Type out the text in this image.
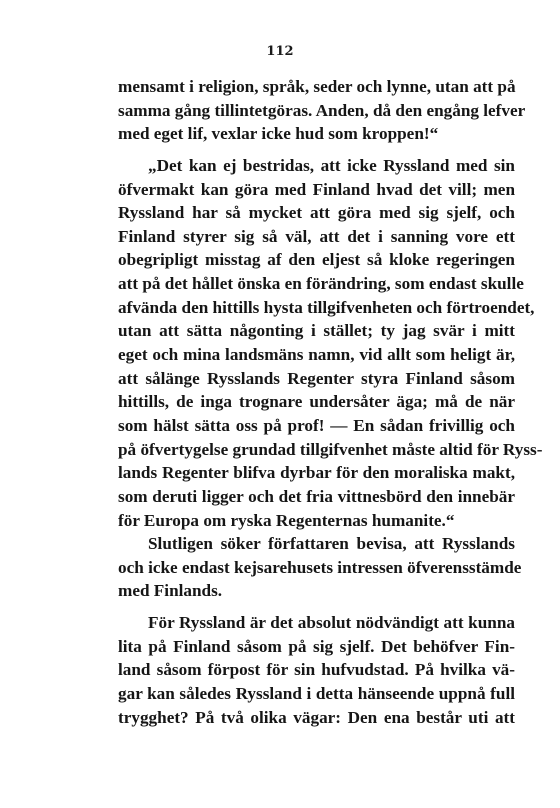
112
mensamt i religion, språk, seder och lynne, utan att på
samma gång tillintetgöras. Anden, då den engång lefver
med eget lif, vexlar icke hud som kroppen!“
„Det kan ej bestridas, att icke Ryssland med sin
öfvermakt kan göra med Finland hvad det vill; men
Ryssland har så mycket att göra med sig sjelf, och
Finland styrer sig så väl, att det i sanning vore ett
obegripligt misstag af den eljest så kloke regeringen
att på det hållet önska en förändring, som endast skulle
afvända den hittills hysta tillgifvenheten och förtroendet,
utan att sätta någonting i stället; ty jag svär i mitt
eget och mina landsmäns namn, vid allt som heligt är,
att sålänge Rysslands Regenter styra Finland såsom
hittills, de inga trognare undersåter äga; må de när
som hälst sätta oss på prof! — En sådan frivillig och
på öfvertygelse grundad tillgifvenhet måste altid för Ryss-
lands Regenter blifva dyrbar för den moraliska makt,
som deruti ligger och det fria vittnesbörd den innebär
för Europa om ryska Regenternas humanite.“
Slutligen söker författaren bevisa, att Rysslands
och icke endast kejsarehusets intressen öfverensstämde
med Finlands.
För Ryssland är det absolut nödvändigt att kunna
lita på Finland såsom på sig sjelf. Det behöfver Fin-
land såsom förpost för sin hufvudstad. På hvilka vä-
gar kan således Ryssland i detta hänseende uppnå full
trygghet? På två olika vägar: Den ena består uti att
